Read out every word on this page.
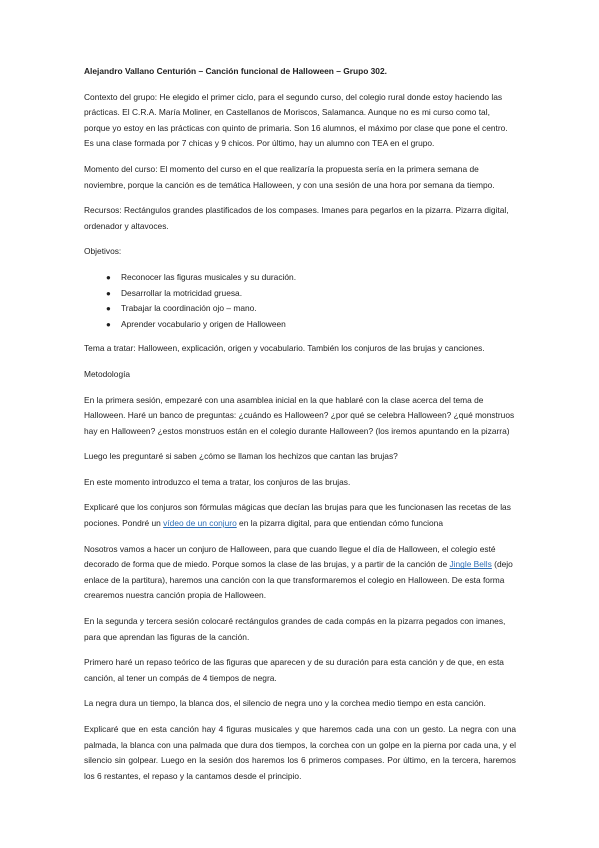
Alejandro Vallano Centurión – Canción funcional de Halloween – Grupo 302.

Contexto del grupo: He elegido el primer ciclo, para el segundo curso, del colegio rural donde estoy haciendo las prácticas. El C.R.A. María Moliner, en Castellanos de Moriscos, Salamanca. Aunque no es mi curso como tal, porque yo estoy en las prácticas con quinto de primaria. Son 16 alumnos, el máximo por clase que pone el centro. Es una clase formada por 7 chicas y 9 chicos. Por último, hay un alumno con TEA en el grupo.

Momento del curso: El momento del curso en el que realizaría la propuesta sería en la primera semana de noviembre, porque la canción es de temática Halloween, y con una sesión de una hora por semana da tiempo.

Recursos: Rectángulos grandes plastificados de los compases. Imanes para pegarlos en la pizarra. Pizarra digital, ordenador y altavoces.

Objetivos:

● Reconocer las figuras musicales y su duración.
● Desarrollar la motricidad gruesa.
● Trabajar la coordinación ojo – mano.
● Aprender vocabulario y origen de Halloween

Tema a tratar: Halloween, explicación, origen y vocabulario. También los conjuros de las brujas y canciones.

Metodología

En la primera sesión, empezaré con una asamblea inicial en la que hablaré con la clase acerca del tema de Halloween. Haré un banco de preguntas: ¿cuándo es Halloween? ¿por qué se celebra Halloween? ¿qué monstruos hay en Halloween? ¿estos monstruos están en el colegio durante Halloween? (los iremos apuntando en la pizarra)

Luego les preguntaré si saben ¿cómo se llaman los hechizos que cantan las brujas?

En este momento introduzco el tema a tratar, los conjuros de las brujas.

Explicaré que los conjuros son fórmulas mágicas que decían las brujas para que les funcionasen las recetas de las pociones. Pondré un vídeo de un conjuro en la pizarra digital, para que entiendan cómo funciona

Nosotros vamos a hacer un conjuro de Halloween, para que cuando llegue el día de Halloween, el colegio esté decorado de forma que de miedo. Porque somos la clase de las brujas, y a partir de la canción de Jingle Bells (dejo enlace de la partitura), haremos una canción con la que transformaremos el colegio en Halloween. De esta forma crearemos nuestra canción propia de Halloween.

En la segunda y tercera sesión colocaré rectángulos grandes de cada compás en la pizarra pegados con imanes, para que aprendan las figuras de la canción.

Primero haré un repaso teórico de las figuras que aparecen y de su duración para esta canción y de que, en esta canción, al tener un compás de 4 tiempos de negra.

La negra dura un tiempo, la blanca dos, el silencio de negra uno y la corchea medio tiempo en esta canción.

Explicaré que en esta canción hay 4 figuras musicales y que haremos cada una con un gesto. La negra con una palmada, la blanca con una palmada que dura dos tiempos, la corchea con un golpe en la pierna por cada una, y el silencio sin golpear. Luego en la sesión dos haremos los 6 primeros compases. Por último, en la tercera, haremos los 6 restantes, el repaso y la cantamos desde el principio.
